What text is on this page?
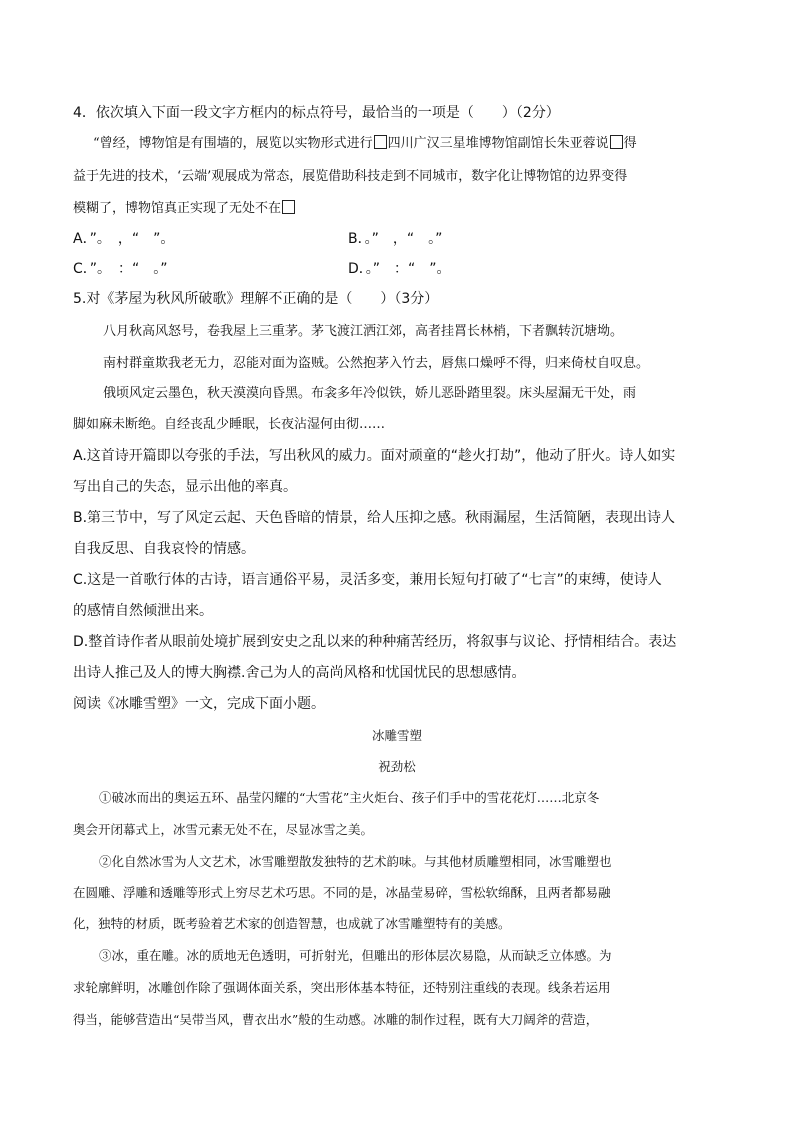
4．依次填入下面一段文字方框内的标点符号，最恰当的一项是（　　）（2分）
“曾经，博物馆是有围墙的，展览以实物形式进行 四川广汉三星堆博物馆副馆长朱亚蓉说 得
益于先进的技术，‘云端’观展成为常态，展览借助科技走到不同城市，数字化让博物馆的边界变得
模糊了，博物馆真正实现了无处不在
A．”。　，“　”。	B．。”　，“　。”
C．”。　：“　。”	D．。”　：“　”。
5.对《茅屋为秋风所破歌》理解不正确的是（　　）（3分）
八月秋高风怒号，卷我屋上三重茅。茅飞渡江洒江郊，高者挂罥长林梢，下者飘转沉塘坳。
南村群童欺我老无力，忍能对面为盗贼。公然抱茅入竹去，唇焦口燥呼不得，归来倚杖自叹息。
俄顷风定云墨色，秋天漠漠向昏黑。布衾多年冷似铁，娇儿恶卧踏里裂。床头屋漏无干处，雨
脚如麻未断绝。自经丧乱少睡眠，长夜沾湿何由彻……
A.这首诗开篇即以夸张的手法，写出秋风的威力。面对顽童的“趁火打劫”，他动了肝火。诗人如实
写出自己的失态，显示出他的率真。
B.第三节中，写了风定云起、天色昏暗的情景，给人压抑之感。秋雨漏屋，生活简陋，表现出诗人
自我反思、自我哀怜的情感。
C.这是一首歌行体的古诗，语言通俗平易，灵活多变，兼用长短句打破了“七言”的束缚，使诗人
的感情自然倾泄出来。
D.整首诗作者从眼前处境扩展到安史之乱以来的种种痛苦经历，将叙事与议论、抒情相结合。表达
出诗人推己及人的博大胸襟.舍己为人的高尚风格和忧国忧民的思想感情。
阅读《冰雕雪塑》一文，完成下面小题。
冰雕雪塑
祝劲松
①破冰而出的奥运五环、晶莹闪耀的“大雪花”主火炬台、孩子们手中的雪花花灯……北京冬
奥会开闭幕式上，冰雪元素无处不在，尽显冰雪之美。
②化自然冰雪为人文艺术，冰雪雕塑散发独特的艺术韵味。与其他材质雕塑相同，冰雪雕塑也
在圆雕、浮雕和透雕等形式上穷尽艺术巧思。不同的是，冰晶莹易碎，雪松软绵酥，且两者都易融
化，独特的材质，既考验着艺术家的创造智慧，也成就了冰雪雕塑特有的美感。
③冰，重在雕。冰的质地无色透明，可折射光，但雕出的形体层次易隐，从而缺乏立体感。为
求轮廓鲜明，冰雕创作除了强调体面关系，突出形体基本特征，还特别注重线的表现。线条若运用
得当，能够营造出“吴带当风，曹衣出水”般的生动感。冰雕的制作过程，既有大刀阔斧的营造，
